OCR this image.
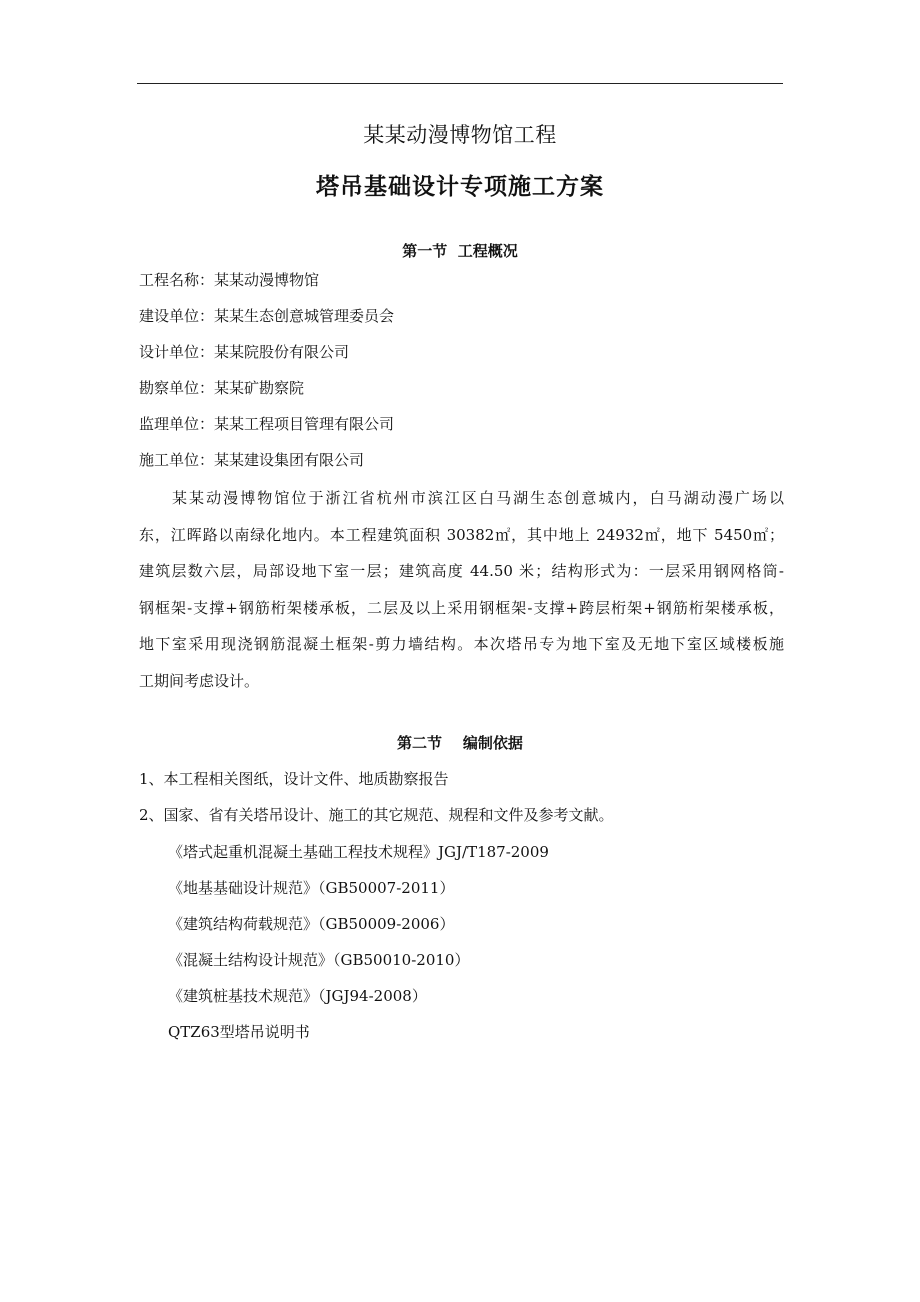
某某动漫博物馆工程
塔吊基础设计专项施工方案
第一节  工程概况
工程名称：某某动漫博物馆
建设单位：某某生态创意城管理委员会
设计单位：某某院股份有限公司
勘察单位：某某矿勘察院
监理单位：某某工程项目管理有限公司
施工单位：某某建设集团有限公司
某某动漫博物馆位于浙江省杭州市滨江区白马湖生态创意城内，白马湖动漫广场以
东，江晖路以南绿化地内。本工程建筑面积 30382㎡，其中地上 24932㎡，地下 5450㎡；
建筑层数六层，局部设地下室一层；建筑高度 44.50 米；结构形式为：一层采用钢网格筒-
钢框架-支撑+钢筋桁架楼承板，二层及以上采用钢框架-支撑+跨层桁架+钢筋桁架楼承板，
地下室采用现浇钢筋混凝土框架-剪力墙结构。本次塔吊专为地下室及无地下室区域楼板施
工期间考虑设计。
第二节    编制依据
1、本工程相关图纸，设计文件、地质勘察报告
2、国家、省有关塔吊设计、施工的其它规范、规程和文件及参考文献。
《塔式起重机混凝土基础工程技术规程》JGJ/T187-2009
《地基基础设计规范》（GB50007-2011）
《建筑结构荷载规范》（GB50009-2006）
《混凝土结构设计规范》（GB50010-2010）
《建筑桩基技术规范》（JGJ94-2008）
QTZ63型塔吊说明书
